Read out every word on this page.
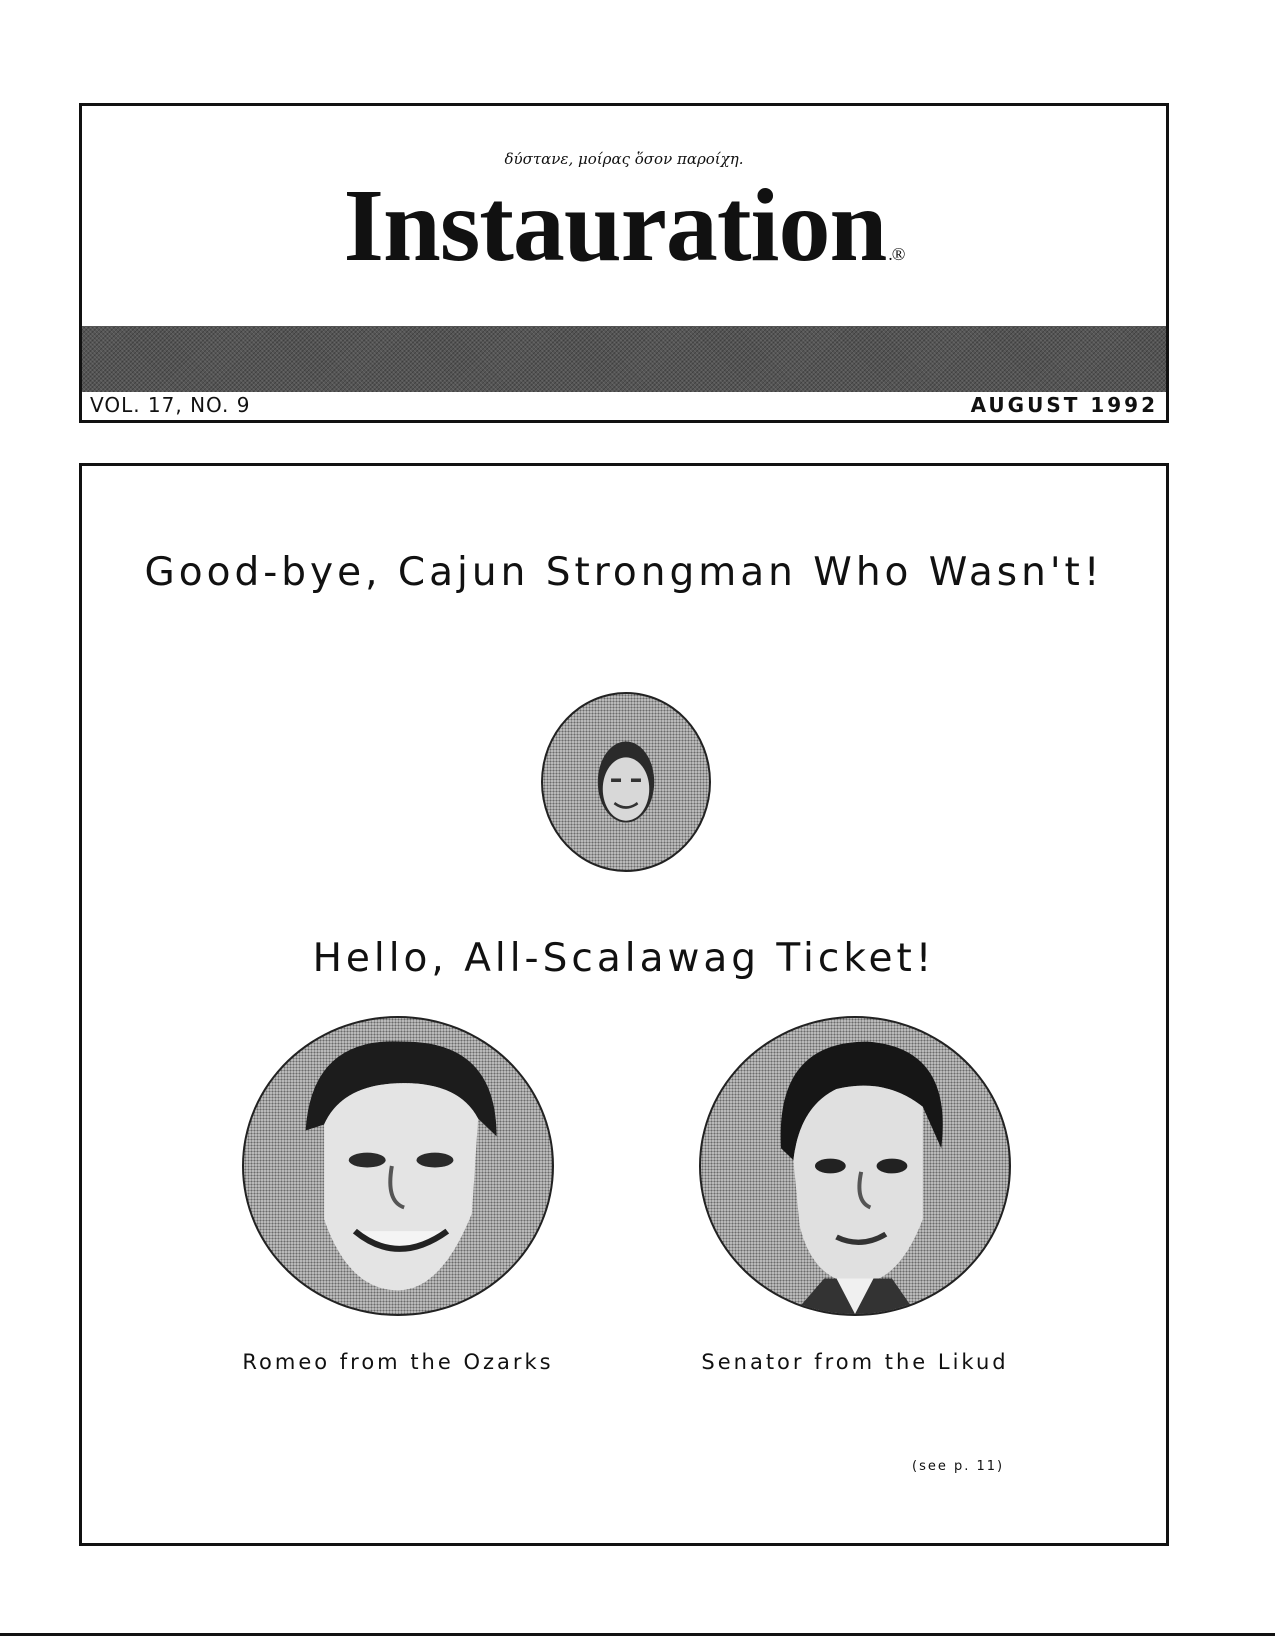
δύστανε, μοίρας ὅσον παροίχη.
Instauration .®
VOL. 17, NO. 9	AUGUST 1992
Good-bye, Cajun Strongman Who Wasn't!
Hello, All-Scalawag Ticket!
Romeo from the Ozarks	Senator from the Likud
(see p. 11)
